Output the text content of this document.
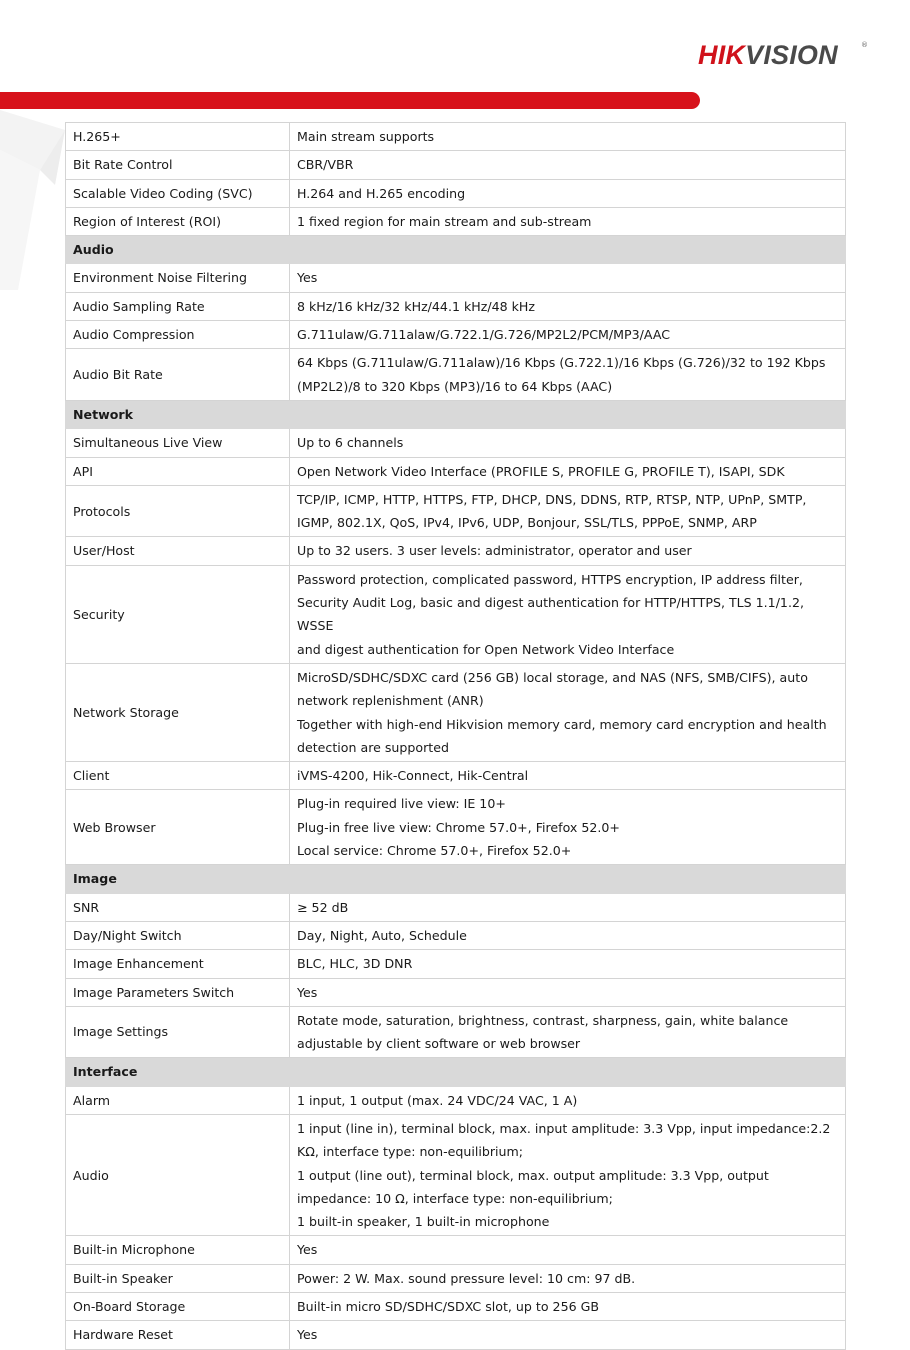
HIKVISION	®
H.265+	Main stream supports

Bit Rate Control	CBR/VBR

Scalable Video Coding (SVC)	H.264 and H.265 encoding

Region of Interest (ROI)	1 fixed region for main stream and sub-stream

Audio	
Environment Noise Filtering	Yes

Audio Sampling Rate	8 kHz/16 kHz/32 kHz/44.1 kHz/48 kHz

Audio Compression	G.711ulaw/G.711alaw/G.722.1/G.726/MP2L2/PCM/MP3/AAC

Audio Bit Rate	64 Kbps (G.711ulaw/G.711alaw)/16 Kbps (G.722.1)/16 Kbps (G.726)/32 to 192 Kbps
(MP2L2)/8 to 320 Kbps (MP3)/16 to 64 Kbps (AAC)

Network	
Simultaneous Live View	Up to 6 channels

API	Open Network Video Interface (PROFILE S, PROFILE G, PROFILE T), ISAPI, SDK

Protocols	TCP/IP, ICMP, HTTP, HTTPS, FTP, DHCP, DNS, DDNS, RTP, RTSP, NTP, UPnP, SMTP,
IGMP, 802.1X, QoS, IPv4, IPv6, UDP, Bonjour, SSL/TLS, PPPoE, SNMP, ARP

User/Host	Up to 32 users. 3 user levels: administrator, operator and user

Security	Password protection, complicated password, HTTPS encryption, IP address filter,
Security Audit Log, basic and digest authentication for HTTP/HTTPS, TLS 1.1/1.2, WSSE
and digest authentication for Open Network Video Interface

Network Storage	MicroSD/SDHC/SDXC card (256 GB) local storage, and NAS (NFS, SMB/CIFS), auto
network replenishment (ANR)
Together with high-end Hikvision memory card, memory card encryption and health
detection are supported

Client	iVMS-4200, Hik-Connect, Hik-Central

Web Browser	Plug-in required live view: IE 10+
Plug-in free live view: Chrome 57.0+, Firefox 52.0+
Local service: Chrome 57.0+, Firefox 52.0+

Image	
SNR	≥ 52 dB

Day/Night Switch	Day, Night, Auto, Schedule

Image Enhancement	BLC, HLC, 3D DNR

Image Parameters Switch	Yes

Image Settings	Rotate mode, saturation, brightness, contrast, sharpness, gain, white balance
adjustable by client software or web browser

Interface	
Alarm	1 input, 1 output (max. 24 VDC/24 VAC, 1 A)

Audio	1 input (line in), terminal block, max. input amplitude: 3.3 Vpp, input impedance:2.2
KΩ, interface type: non-equilibrium;
1 output (line out), terminal block, max. output amplitude: 3.3 Vpp, output
impedance: 10 Ω, interface type: non-equilibrium;
1 built-in speaker, 1 built-in microphone

Built-in Microphone	Yes

Built-in Speaker	Power: 2 W. Max. sound pressure level: 10 cm: 97 dB.

On-Board Storage	Built-in micro SD/SDHC/SDXC slot, up to 256 GB

Hardware Reset	Yes
